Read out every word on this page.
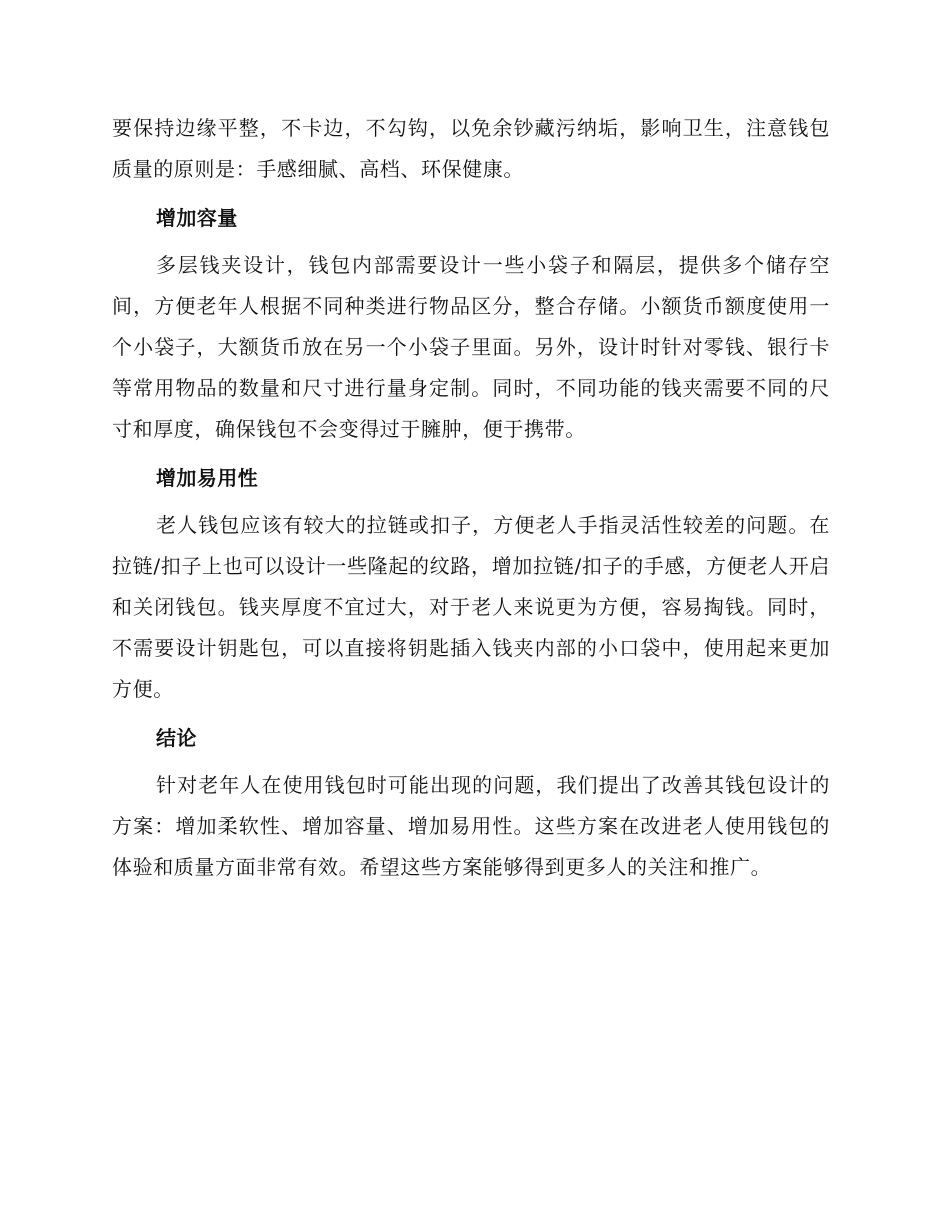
要保持边缘平整，不卡边，不勾钩，以免余钞藏污纳垢，影响卫生，注意钱包质量的原则是：手感细腻、高档、环保健康。

增加容量

多层钱夹设计，钱包内部需要设计一些小袋子和隔层，提供多个储存空间，方便老年人根据不同种类进行物品区分，整合存储。小额货币额度使用一个小袋子，大额货币放在另一个小袋子里面。另外，设计时针对零钱、银行卡等常用物品的数量和尺寸进行量身定制。同时，不同功能的钱夹需要不同的尺寸和厚度，确保钱包不会变得过于臃肿，便于携带。

增加易用性

老人钱包应该有较大的拉链或扣子，方便老人手指灵活性较差的问题。在拉链/扣子上也可以设计一些隆起的纹路，增加拉链/扣子的手感，方便老人开启和关闭钱包。钱夹厚度不宜过大，对于老人来说更为方便，容易掏钱。同时，不需要设计钥匙包，可以直接将钥匙插入钱夹内部的小口袋中，使用起来更加方便。

结论

针对老年人在使用钱包时可能出现的问题，我们提出了改善其钱包设计的方案：增加柔软性、增加容量、增加易用性。这些方案在改进老人使用钱包的体验和质量方面非常有效。希望这些方案能够得到更多人的关注和推广。
